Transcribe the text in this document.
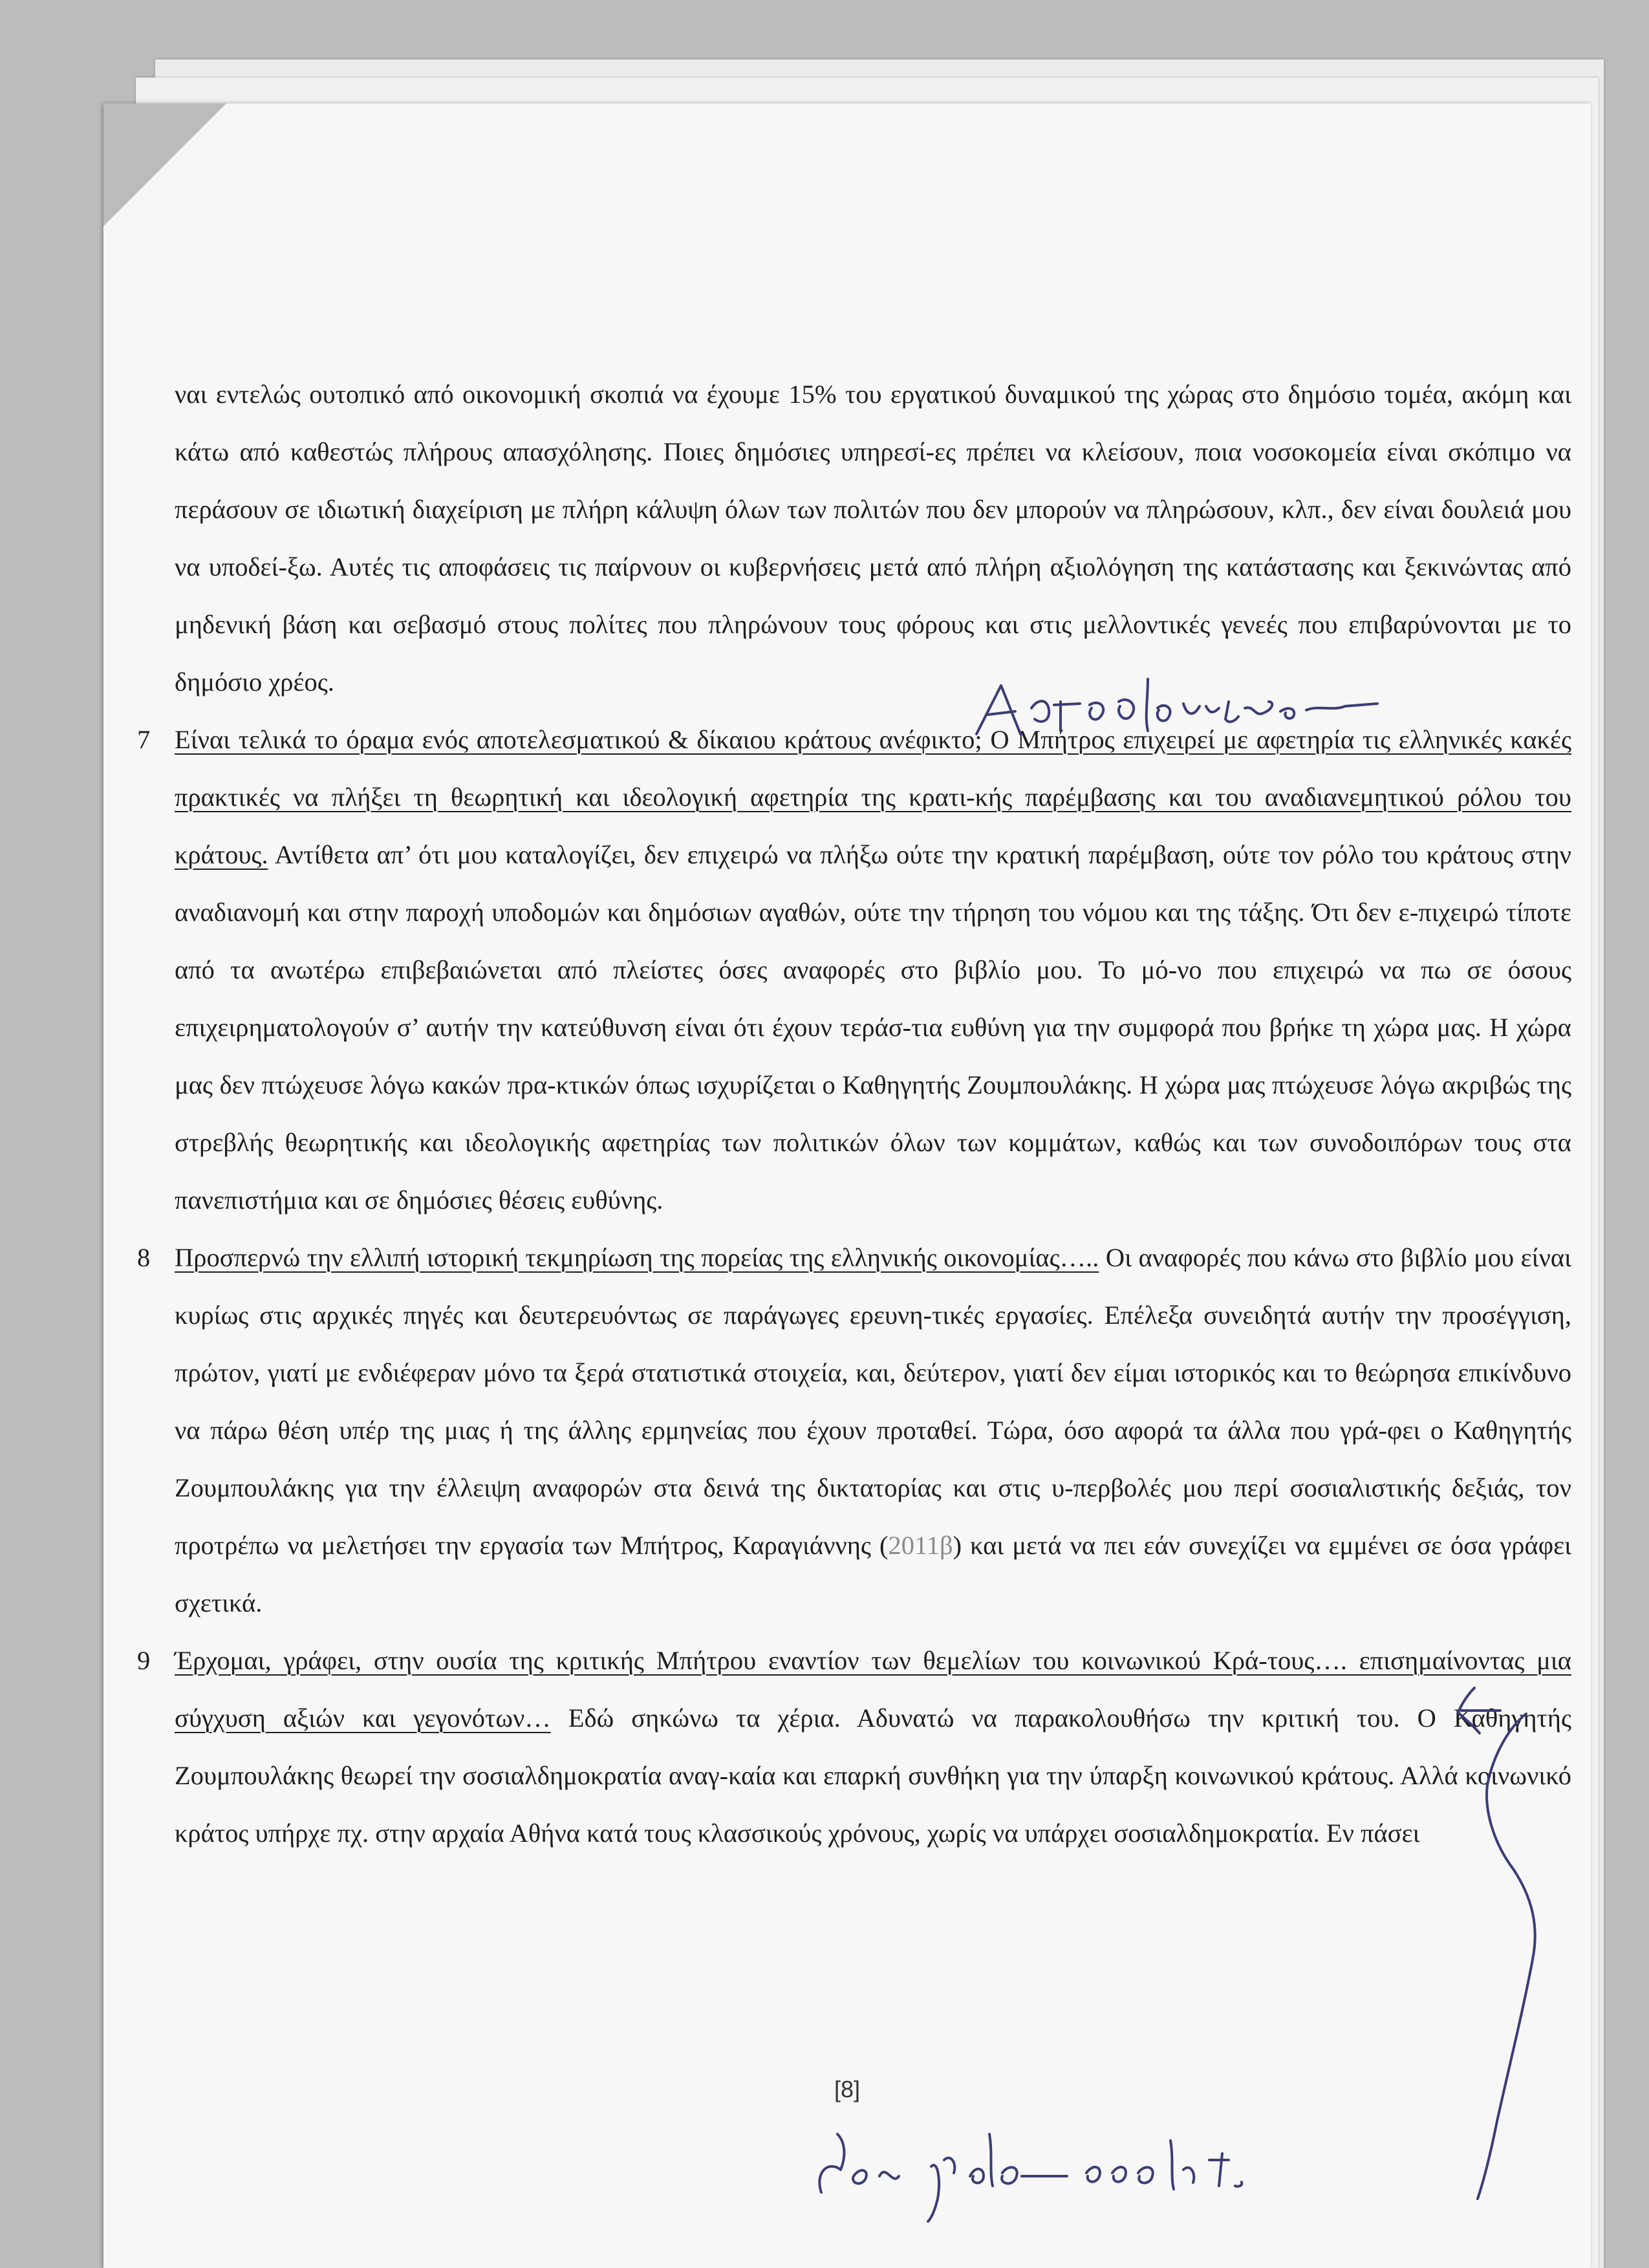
ναι εντελώς ουτοπικό από οικονομική σκοπιά να έχουμε 15% του εργατικού δυναμικού της χώρας στο δημόσιο τομέα, ακόμη και κάτω από καθεστώς πλήρους απασχόλησης. Ποιες δημόσιες υπηρεσί-ες πρέπει να κλείσουν, ποια νοσοκομεία είναι σκόπιμο να περάσουν σε ιδιωτική διαχείριση με πλήρη κάλυψη όλων των πολιτών που δεν μπορούν να πληρώσουν, κλπ., δεν είναι δουλειά μου να υποδεί-ξω. Αυτές τις αποφάσεις τις παίρνουν οι κυβερνήσεις μετά από πλήρη αξιολόγηση της κατάστασης και ξεκινώντας από μηδενική βάση και σεβασμό στους πολίτες που πληρώνουν τους φόρους και στις μελλοντικές γενεές που επιβαρύνονται με το δημόσιο χρέος.
7 Είναι τελικά το όραμα ενός αποτελεσματικού & δίκαιου κράτους ανέφικτο; Ο Μπήτρος επιχειρεί με αφετηρία τις ελληνικές κακές πρακτικές να πλήξει τη θεωρητική και ιδεολογική αφετηρία της κρατι-κής παρέμβασης και του αναδιανεμητικού ρόλου του κράτους. Αντίθετα απ’ ότι μου καταλογίζει, δεν επιχειρώ να πλήξω ούτε την κρατική παρέμβαση, ούτε τον ρόλο του κράτους στην αναδιανομή και στην παροχή υποδομών και δημόσιων αγαθών, ούτε την τήρηση του νόμου και της τάξης. Ότι δεν ε-πιχειρώ τίποτε από τα ανωτέρω επιβεβαιώνεται από πλείστες όσες αναφορές στο βιβλίο μου. Το μό-νο που επιχειρώ να πω σε όσους επιχειρηματολογούν σ’ αυτήν την κατεύθυνση είναι ότι έχουν τεράσ-τια ευθύνη για την συμφορά που βρήκε τη χώρα μας. Η χώρα μας δεν πτώχευσε λόγω κακών πρα-κτικών όπως ισχυρίζεται ο Καθηγητής Ζουμπουλάκης. Η χώρα μας πτώχευσε λόγω ακριβώς της στρεβλής θεωρητικής και ιδεολογικής αφετηρίας των πολιτικών όλων των κομμάτων, καθώς και των συνοδοιπόρων τους στα πανεπιστήμια και σε δημόσιες θέσεις ευθύνης.
8 Προσπερνώ την ελλιπή ιστορική τεκμηρίωση της πορείας της ελληνικής οικονομίας….. Οι αναφορές που κάνω στο βιβλίο μου είναι κυρίως στις αρχικές πηγές και δευτερευόντως σε παράγωγες ερευνη-τικές εργασίες. Επέλεξα συνειδητά αυτήν την προσέγγιση, πρώτον, γιατί με ενδιέφεραν μόνο τα ξερά στατιστικά στοιχεία, και, δεύτερον, γιατί δεν είμαι ιστορικός και το θεώρησα επικίνδυνο να πάρω θέση υπέρ της μιας ή της άλλης ερμηνείας που έχουν προταθεί. Τώρα, όσο αφορά τα άλλα που γρά-φει ο Καθηγητής Ζουμπουλάκης για την έλλειψη αναφορών στα δεινά της δικτατορίας και στις υ-περβολές μου περί σοσιαλιστικής δεξιάς, τον προτρέπω να μελετήσει την εργασία των Μπήτρος, Καραγιάννης (2011β) και μετά να πει εάν συνεχίζει να εμμένει σε όσα γράφει σχετικά.
9 Έρχομαι, γράφει, στην ουσία της κριτικής Μπήτρου εναντίον των θεμελίων του κοινωνικού Κρά-τους…. επισημαίνοντας μια σύγχυση αξιών και γεγονότων… Εδώ σηκώνω τα χέρια. Αδυνατώ να παρακολουθήσω την κριτική του. Ο Καθηγητής Ζουμπουλάκης θεωρεί την σοσιαλδημοκρατία αναγ-καία και επαρκή συνθήκη για την ύπαρξη κοινωνικού κράτους. Αλλά κοινωνικό κράτος υπήρχε πχ. στην αρχαία Αθήνα κατά τους κλασσικούς χρόνους, χωρίς να υπάρχει σοσιαλδημοκρατία. Εν πάσει
[8]
